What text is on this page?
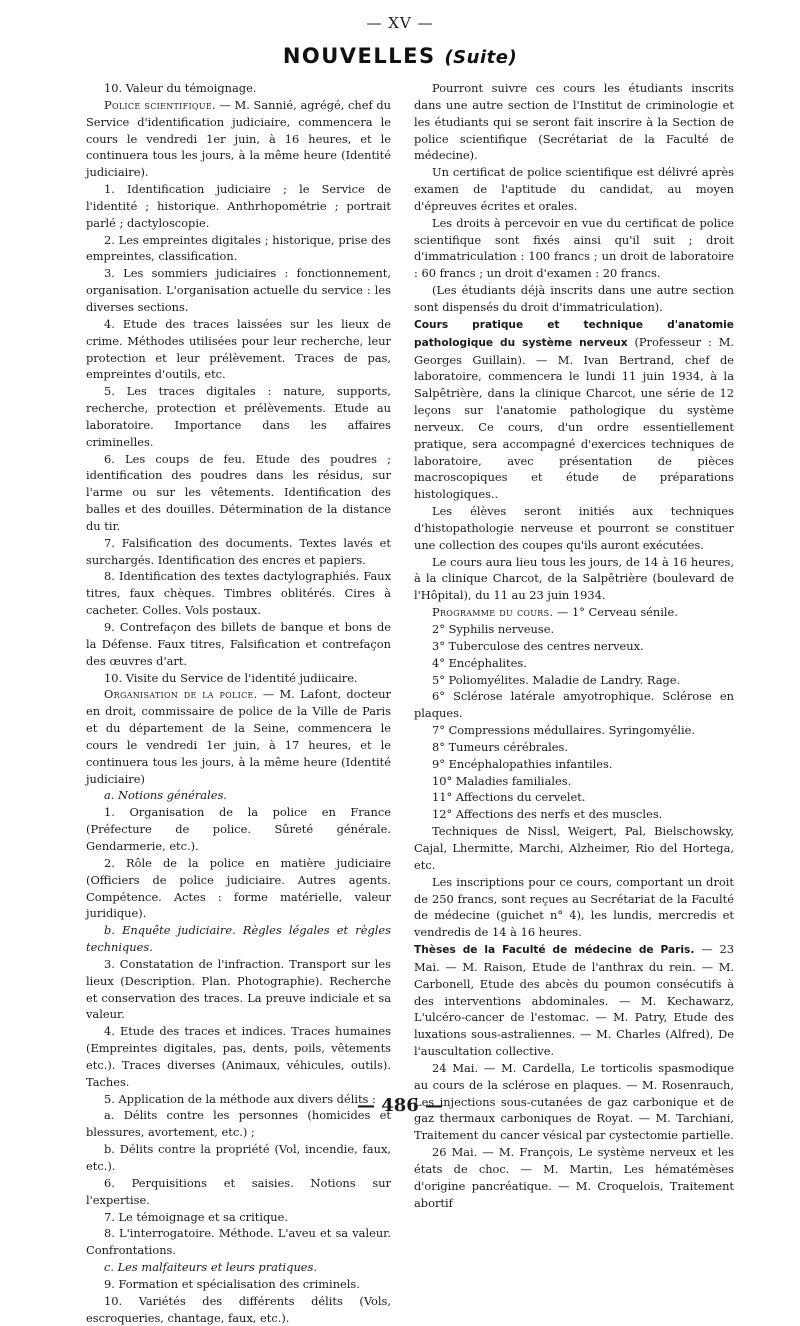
— XV —
NOUVELLES (Suite)

10. Valeur du témoignage.

Police scientifique. — M. Sannié, agrégé, chef du Service d'identification judiciaire, commencera le cours le vendredi 1er juin, à 16 heures, et le continuera tous les jours, à la même heure (Identité judiciaire).

1. Identification judiciaire ; le Service de l'identité ; historique. Anthrhopométrie ; portrait parlé ; dactyloscopie.

2. Les empreintes digitales ; historique, prise des empreintes, classification.

3. Les sommiers judiciaires : fonctionnement, organisation. L'organisation actuelle du service : les diverses sections.

4. Etude des traces laissées sur les lieux de crime. Méthodes utilisées pour leur recherche, leur protection et leur prélèvement. Traces de pas, empreintes d'outils, etc.

5. Les traces digitales : nature, supports, recherche, protection et prélèvements. Etude au laboratoire. Importance dans les affaires criminelles.

6. Les coups de feu. Etude des poudres ; identification des poudres dans les résidus, sur l'arme ou sur les vêtements. Identification des balles et des douilles. Détermination de la distance du tir.

7. Falsification des documents. Textes lavés et surchargés. Identification des encres et papiers.

8. Identification des textes dactylographiés. Faux titres, faux chèques. Timbres oblitérés. Cires à cacheter. Colles. Vols postaux.

9. Contrefaçon des billets de banque et bons de la Défense. Faux titres, Falsification et contrefaçon des œuvres d'art.

10. Visite du Service de l'identité judiicaire.

Organisation de la police. — M. Lafont, docteur en droit, commissaire de police de la Ville de Paris et du département de la Seine, commencera le cours le vendredi 1er juin, à 17 heures, et le continuera tous les jours, à la même heure (Identité judiciaire)

a. Notions générales.

1. Organisation de la police en France (Préfecture de police. Sûreté générale. Gendarmerie, etc.).

2. Rôle de la police en matière judiciaire (Officiers de police judiciaire. Autres agents. Compétence. Actes : forme matérielle, valeur juridique).

b. Enquête judiciaire. Règles légales et règles techniques.

3. Constatation de l'infraction. Transport sur les lieux (Description. Plan. Photographie). Recherche et conservation des traces. La preuve indiciale et sa valeur.

4. Etude des traces et indices. Traces humaines (Empreintes digitales, pas, dents, poils, vêtements etc.). Traces diverses (Animaux, véhicules, outils). Taches.

5. Application de la méthode aux divers délits :

a. Délits contre les personnes (homicides et blessures, avortement, etc.) ;

b. Délits contre la propriété (Vol, incendie, faux, etc.).

6. Perquisitions et saisies. Notions sur l'expertise.

7. Le témoignage et sa critique.

8. L'interrogatoire. Méthode. L'aveu et sa valeur. Confrontations.

c. Les malfaiteurs et leurs pratiques.

9. Formation et spécialisation des criminels.

10. Variétés des différents délits (Vols, escroqueries, chantage, faux, etc.).

Pourront suivre ces cours les étudiants inscrits dans une autre section de l'Institut de criminologie et les étudiants qui se seront fait inscrire à la Section de police scientifique (Secrétariat de la Faculté de médecine).

Un certificat de police scientifique est délivré après examen de l'aptitude du candidat, au moyen d'épreuves écrites et orales.

Les droits à percevoir en vue du certificat de police scientifique sont fixés ainsi qu'il suit ; droit d'immatriculation : 100 francs ; un droit de laboratoire : 60 francs ; un droit d'examen : 20 francs.

(Les étudiants déjà inscrits dans une autre section sont dispensés du droit d'immatriculation).

Cours pratique et technique d'anatomie pathologique du système nerveux (Professeur : M. Georges Guillain). — M. Ivan Bertrand, chef de laboratoire, commencera le lundi 11 juin 1934, à la Salpêtrière, dans la clinique Charcot, une série de 12 leçons sur l'anatomie pathologique du système nerveux. Ce cours, d'un ordre essentiellement pratique, sera accompagné d'exercices techniques de laboratoire, avec présentation de pièces macroscopiques et étude de préparations histologiques..

Les élèves seront initiés aux techniques d'histopathologie nerveuse et pourront se constituer une collection des coupes qu'ils auront exécutées.

Le cours aura lieu tous les jours, de 14 à 16 heures, à la clinique Charcot, de la Salpêtrière (boulevard de l'Hôpital), du 11 au 23 juin 1934.

Programme du cours. — 1° Cerveau sénile.

2° Syphilis nerveuse.

3° Tuberculose des centres nerveux.

4° Encéphalites.

5° Poliomyélites. Maladie de Landry. Rage.

6° Sclérose latérale amyotrophique. Sclérose en plaques.

7° Compressions médullaires. Syringomyélie.

8° Tumeurs cérébrales.

9° Encéphalopathies infantiles.

10° Maladies familiales.

11° Affections du cervelet.

12° Affections des nerfs et des muscles.

Techniques de Nissl, Weigert, Pal, Bielschowsky, Cajal, Lhermitte, Marchi, Alzheimer, Rio del Hortega, etc.

Les inscriptions pour ce cours, comportant un droit de 250 francs, sont reçues au Secrétariat de la Faculté de médecine (guichet n° 4), les lundis, mercredis et vendredis de 14 à 16 heures.

Thèses de la Faculté de médecine de Paris. — 23 Mai. — M. Raison, Etude de l'anthrax du rein. — M. Carbonell, Etude des abcès du poumon consécutifs à des interventions abdominales. — M. Kechawarz, L'ulcéro-cancer de l'estomac. — M. Patry, Etude des luxations sous-astraliennes. — M. Charles (Alfred), De l'auscultation collective.

24 Mai. — M. Cardella, Le torticolis spasmodique au cours de la sclérose en plaques. — M. Rosenrauch, Les injections sous-cutanées de gaz carbonique et de gaz thermaux carboniques de Royat. — M. Tarchiani, Traitement du cancer vésical par cystectomie partielle.

26 Mai. — M. François, Le système nerveux et les états de choc. — M. Martin, Les hématémèses d'origine pancréatique. — M. Croquelois, Traitement abortif

— 486 —
